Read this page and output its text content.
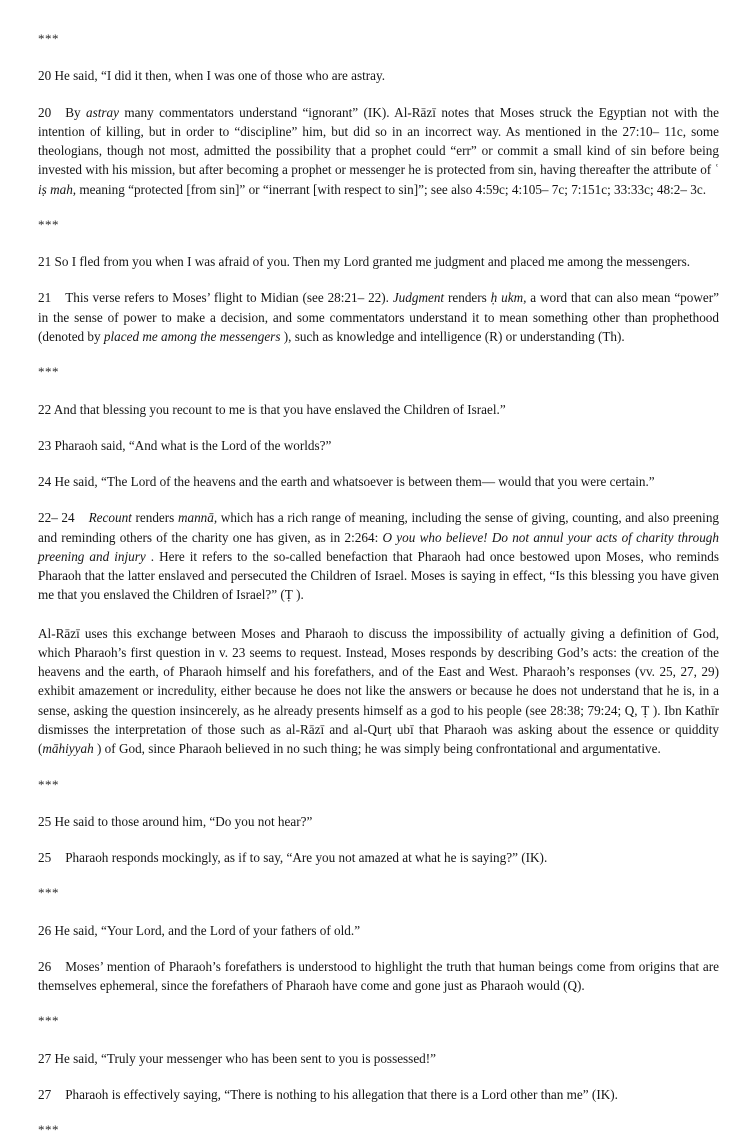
***

20 He said, “I did it then, when I was one of those who are astray.

20 By astray many commentators understand “ignorant” (IK). Al-Rāzī notes that Moses struck the Egyptian not with the intention of killing, but in order to “discipline” him, but did so in an incorrect way. As mentioned in the 27:10– 11c, some theologians, though not most, admitted the possibility that a prophet could “err” or commit a small kind of sin before being invested with his mission, but after becoming a prophet or messenger he is protected from sin, having thereafter the attribute of ʿ iṣ mah, meaning “protected [from sin]” or “inerrant [with respect to sin]”; see also 4:59c; 4:105– 7c; 7:151c; 33:33c; 48:2– 3c.

***

21 So I fled from you when I was afraid of you. Then my Lord granted me judgment and placed me among the messengers.

21 This verse refers to Moses’ flight to Midian (see 28:21– 22). Judgment renders ḥ ukm, a word that can also mean “power” in the sense of power to make a decision, and some commentators understand it to mean something other than prophethood (denoted by placed me among the messengers ), such as knowledge and intelligence (R) or understanding (Th).

***

22 And that blessing you recount to me is that you have enslaved the Children of Israel.”

23 Pharaoh said, “And what is the Lord of the worlds?”

24 He said, “The Lord of the heavens and the earth and whatsoever is between them— would that you were certain.”

22– 24 Recount renders mannā, which has a rich range of meaning, including the sense of giving, counting, and also preening and reminding others of the charity one has given, as in 2:264: O you who believe! Do not annul your acts of charity through preening and injury . Here it refers to the so-called benefaction that Pharaoh had once bestowed upon Moses, who reminds Pharaoh that the latter enslaved and persecuted the Children of Israel. Moses is saying in effect, “Is this blessing you have given me that you enslaved the Children of Israel?” (Ṭ ).

Al-Rāzī uses this exchange between Moses and Pharaoh to discuss the impossibility of actually giving a definition of God, which Pharaoh’s first question in v. 23 seems to request. Instead, Moses responds by describing God’s acts: the creation of the heavens and the earth, of Pharaoh himself and his forefathers, and of the East and West. Pharaoh’s responses (vv. 25, 27, 29) exhibit amazement or incredulity, either because he does not like the answers or because he does not understand that he is, in a sense, asking the question insincerely, as he already presents himself as a god to his people (see 28:38; 79:24; Q, Ṭ ). Ibn Kathīr dismisses the interpretation of those such as al-Rāzī and al-Qurṭ ubī that Pharaoh was asking about the essence or quiddity (māhiyyah ) of God, since Pharaoh believed in no such thing; he was simply being confrontational and argumentative.

***

25 He said to those around him, “Do you not hear?”

25 Pharaoh responds mockingly, as if to say, “Are you not amazed at what he is saying?” (IK).

***

26 He said, “Your Lord, and the Lord of your fathers of old.”

26 Moses’ mention of Pharaoh’s forefathers is understood to highlight the truth that human beings come from origins that are themselves ephemeral, since the forefathers of Pharaoh have come and gone just as Pharaoh would (Q).

***

27 He said, “Truly your messenger who has been sent to you is possessed!”

27 Pharaoh is effectively saying, “There is nothing to his allegation that there is a Lord other than me” (IK).

***
